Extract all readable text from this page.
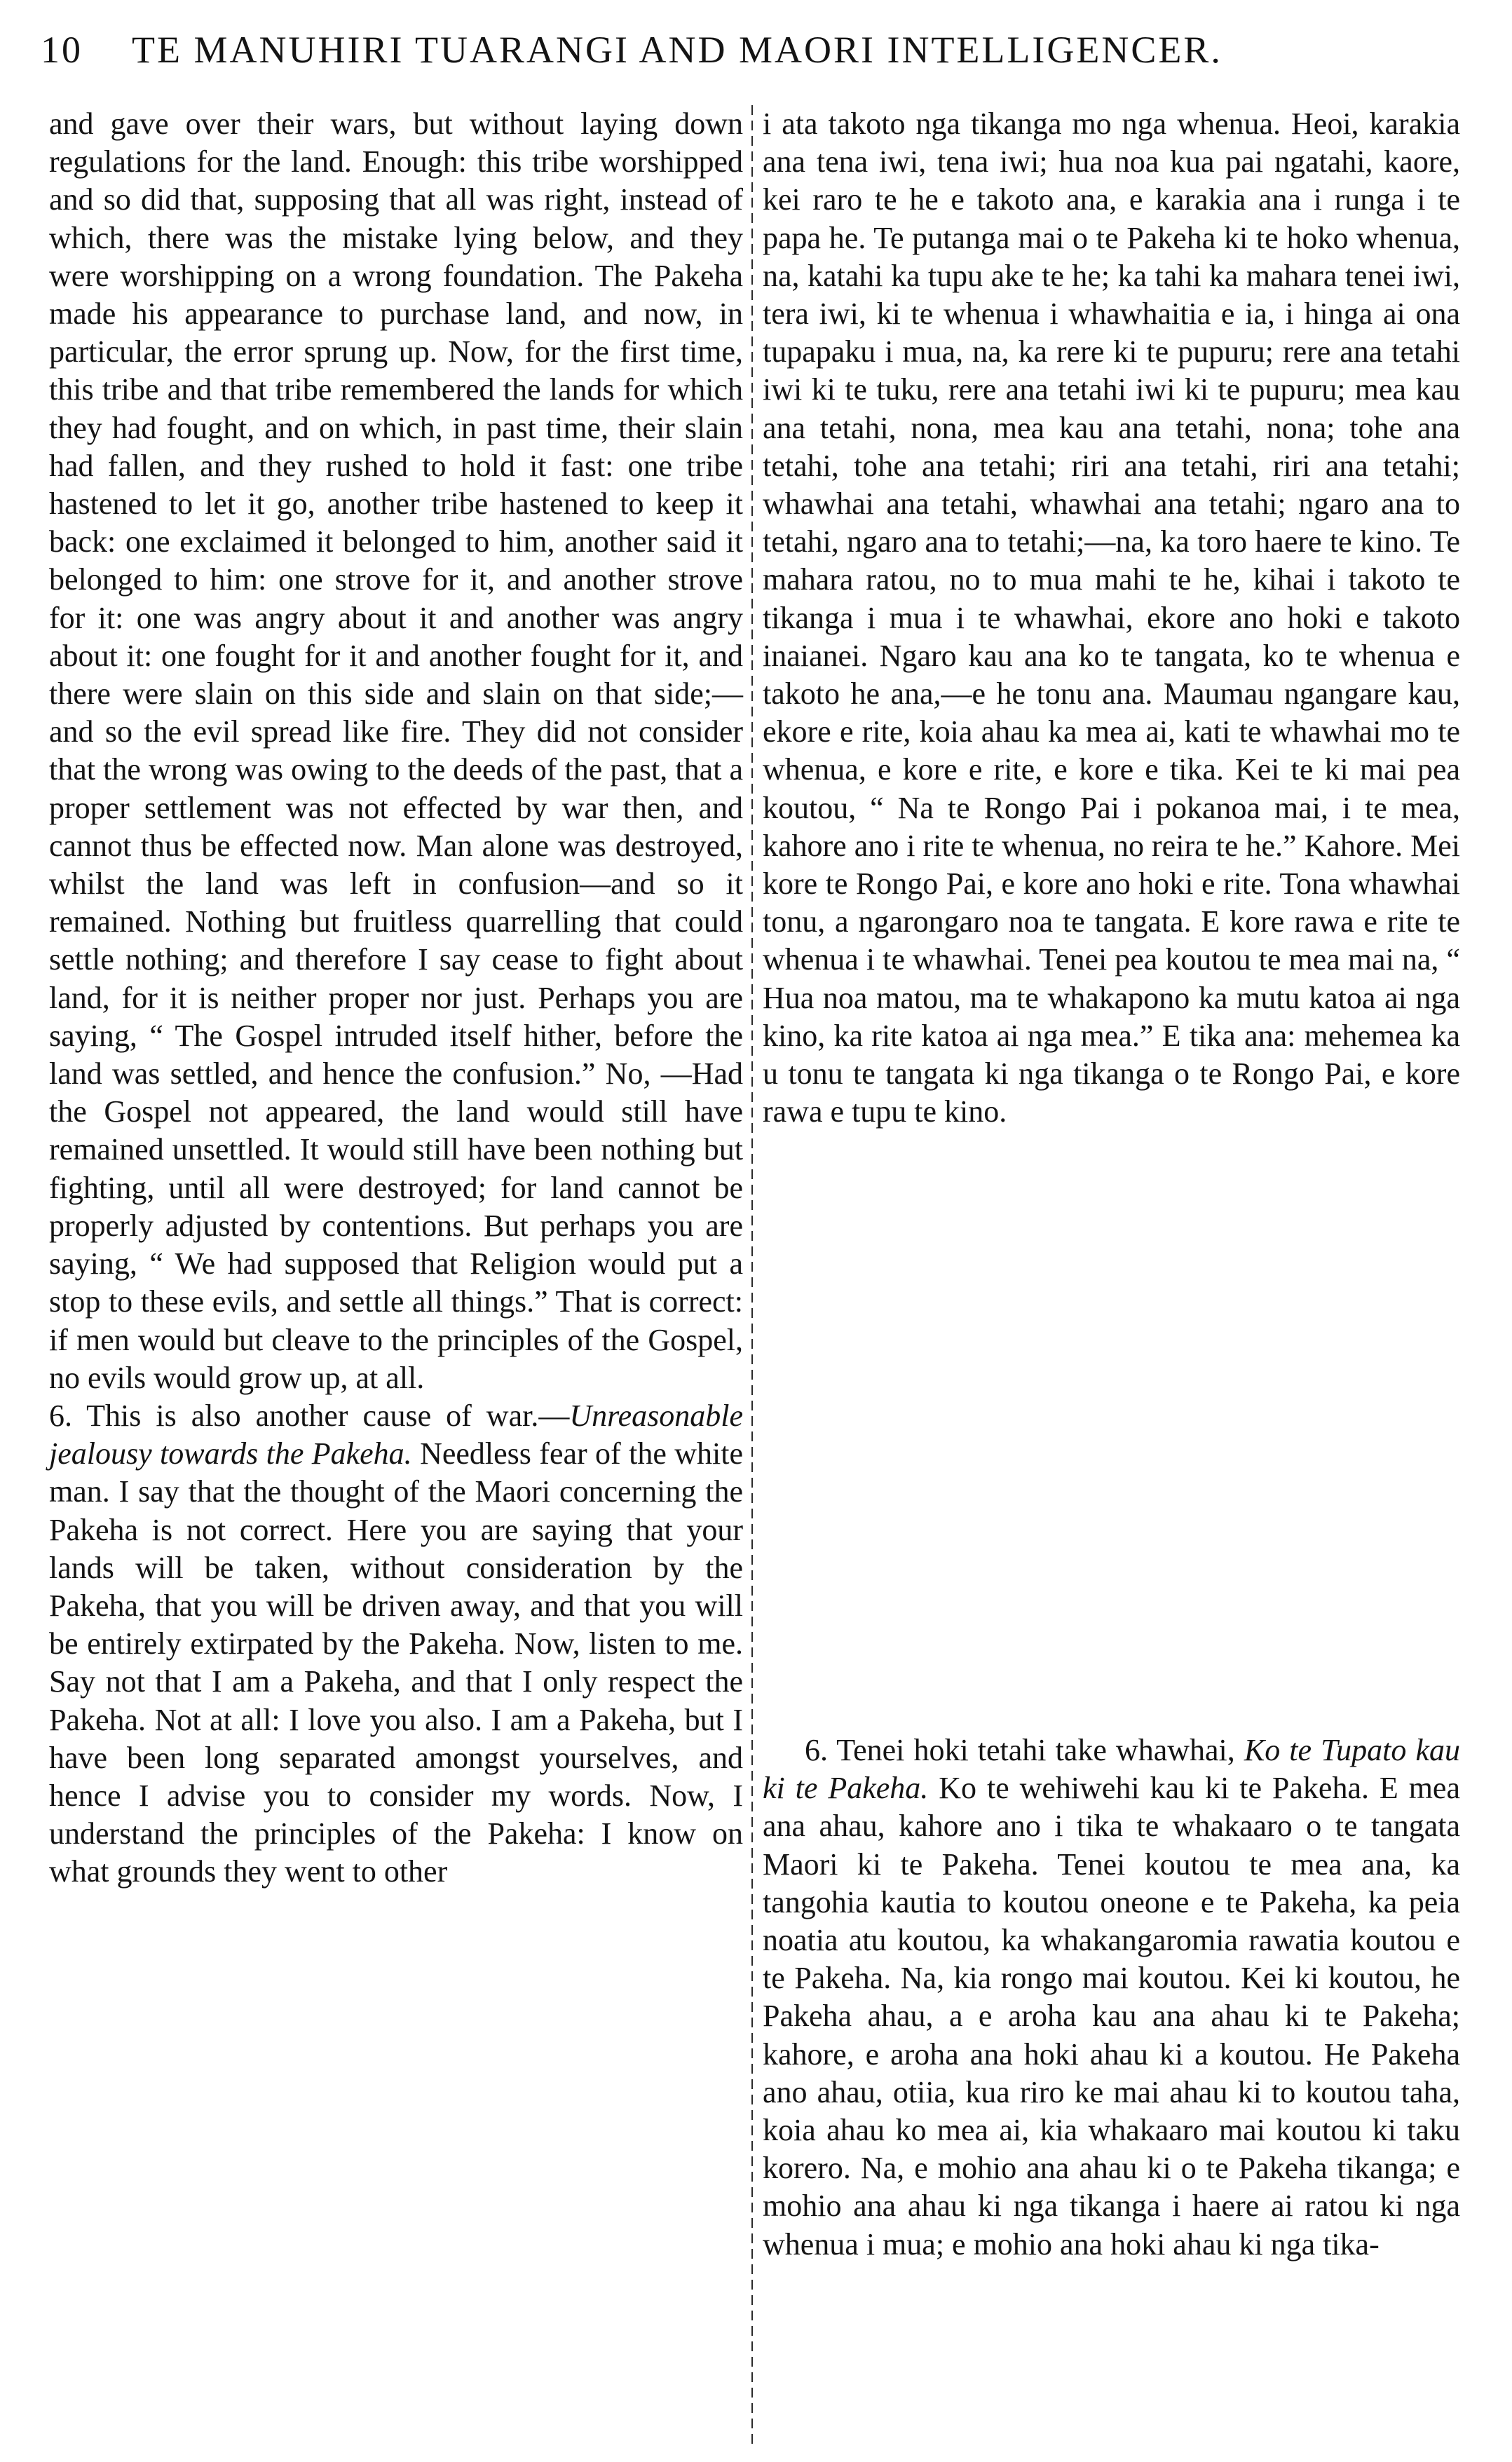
10	TE MANUHIRI TUARANGI AND MAORI INTELLIGENCER.

and gave over their wars, but without laying down regulations for the land. Enough: this tribe worshipped and so did that, supposing that all was right, instead of which, there was the mistake lying below, and they were worshipping on a wrong foundation. The Pakeha made his appearance to purchase land, and now, in particular, the error sprung up. Now, for the first time, this tribe and that tribe remembered the lands for which they had fought, and on which, in past time, their slain had fallen, and they rushed to hold it fast: one tribe hastened to let it go, another tribe hastened to keep it back: one exclaimed it belonged to him, another said it belonged to him: one strove for it, and another strove for it: one was angry about it and another was angry about it: one fought for it and another fought for it, and there were slain on this side and slain on that side;—and so the evil spread like fire. They did not consider that the wrong was owing to the deeds of the past, that a proper settlement was not effected by war then, and cannot thus be effected now. Man alone was destroyed, whilst the land was left in confusion—and so it remained. Nothing but fruitless quarrelling that could settle nothing; and therefore I say cease to fight about land, for it is neither proper nor just. Perhaps you are saying, “ The Gospel intruded itself hither, before the land was settled, and hence the confusion.” No, —Had the Gospel not appeared, the land would still have remained unsettled. It would still have been nothing but fighting, until all were destroyed; for land cannot be properly adjusted by contentions. But perhaps you are saying, “ We had supposed that Religion would put a stop to these evils, and settle all things.” That is correct: if men would but cleave to the principles of the Gospel, no evils would grow up, at all.

6. This is also another cause of war.—Unreasonable jealousy towards the Pakeha. Needless fear of the white man. I say that the thought of the Maori concerning the Pakeha is not correct. Here you are saying that your lands will be taken, without consideration by the Pakeha, that you will be driven away, and that you will be entirely extirpated by the Pakeha. Now, listen to me. Say not that I am a Pakeha, and that I only respect the Pakeha. Not at all: I love you also. I am a Pakeha, but I have been long separated amongst yourselves, and hence I advise you to consider my words. Now, I understand the principles of the Pakeha: I know on what grounds they went to other

i ata takoto nga tikanga mo nga whenua. Heoi, karakia ana tena iwi, tena iwi; hua noa kua pai ngatahi, kaore, kei raro te he e takoto ana, e karakia ana i runga i te papa he. Te putanga mai o te Pakeha ki te hoko whenua, na, katahi ka tupu ake te he; ka tahi ka mahara tenei iwi, tera iwi, ki te whenua i whawhaitia e ia, i hinga ai ona tupapaku i mua, na, ka rere ki te pupuru; rere ana tetahi iwi ki te tuku, rere ana tetahi iwi ki te pupuru; mea kau ana tetahi, nona, mea kau ana tetahi, nona; tohe ana tetahi, tohe ana tetahi; riri ana tetahi, riri ana tetahi; whawhai ana tetahi, whawhai ana tetahi; ngaro ana to tetahi, ngaro ana to tetahi;—na, ka toro haere te kino. Te mahara ratou, no to mua mahi te he, kihai i takoto te tikanga i mua i te whawhai, ekore ano hoki e takoto inaianei. Ngaro kau ana ko te tangata, ko te whenua e takoto he ana,—e he tonu ana. Maumau ngangare kau, ekore e rite, koia ahau ka mea ai, kati te whawhai mo te whenua, e kore e rite, e kore e tika. Kei te ki mai pea koutou, “ Na te Rongo Pai i pokanoa mai, i te mea, kahore ano i rite te whenua, no reira te he.” Kahore. Mei kore te Rongo Pai, e kore ano hoki e rite. Tona whawhai tonu, a ngarongaro noa te tangata. E kore rawa e rite te whenua i te whawhai. Tenei pea koutou te mea mai na, “ Hua noa matou, ma te whakapono ka mutu katoa ai nga kino, ka rite katoa ai nga mea.” E tika ana: mehemea ka u tonu te tangata ki nga tikanga o te Rongo Pai, e kore rawa e tupu te kino.

6. Tenei hoki tetahi take whawhai, Ko te Tupato kau ki te Pakeha. Ko te wehiwehi kau ki te Pakeha. E mea ana ahau, kahore ano i tika te whakaaro o te tangata Maori ki te Pakeha. Tenei koutou te mea ana, ka tangohia kautia to koutou oneone e te Pakeha, ka peia noatia atu koutou, ka whakangaromia rawatia koutou e te Pakeha. Na, kia rongo mai koutou. Kei ki koutou, he Pakeha ahau, a e aroha kau ana ahau ki te Pakeha; kahore, e aroha ana hoki ahau ki a koutou. He Pakeha ano ahau, otiia, kua riro ke mai ahau ki to koutou taha, koia ahau ko mea ai, kia whakaaro mai koutou ki taku korero. Na, e mohio ana ahau ki o te Pakeha tikanga; e mohio ana ahau ki nga tikanga i haere ai ratou ki nga whenua i mua; e mohio ana hoki ahau ki nga tika-
